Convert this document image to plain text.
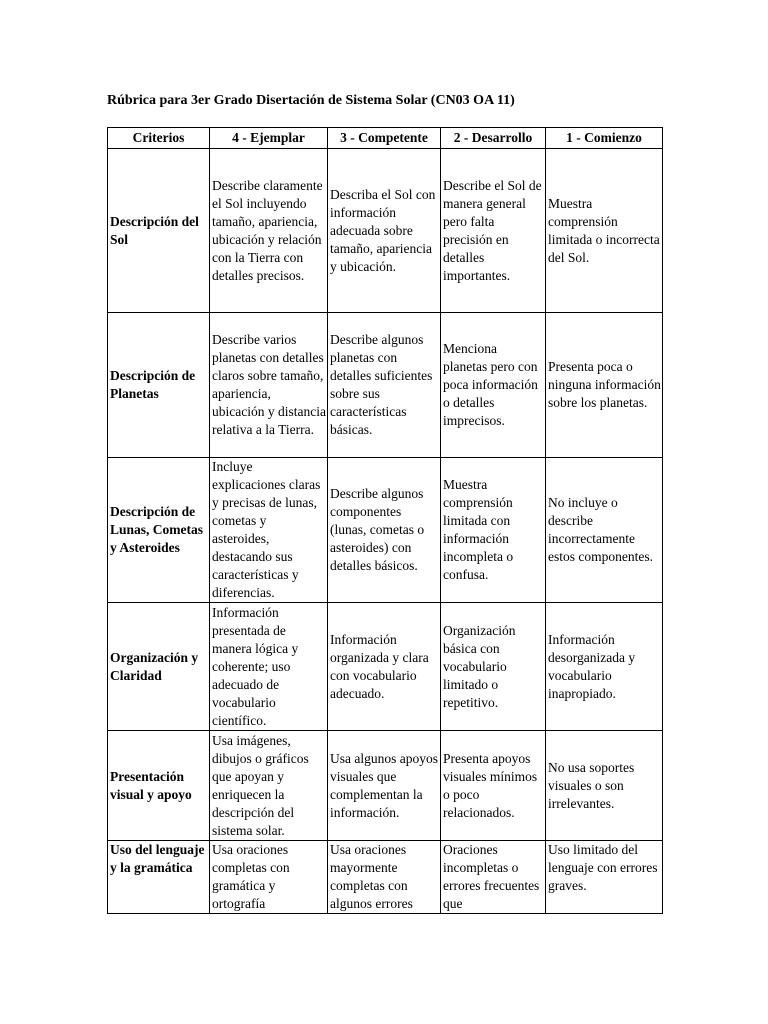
Rúbrica para 3er Grado Disertación de Sistema Solar (CN03 OA 11)
Criterios	4 - Ejemplar	3 - Competente	2 - Desarrollo	1 - Comienzo
Descripción del Sol	Describe claramente el Sol incluyendo tamaño, apariencia, ubicación y relación con la Tierra con detalles precisos.	Describa el Sol con información adecuada sobre tamaño, apariencia y ubicación.	Describe el Sol de manera general pero falta precisión en detalles importantes.	Muestra comprensión limitada o incorrecta del Sol.
Descripción de Planetas	Describe varios planetas con detalles claros sobre tamaño, apariencia, ubicación y distancia relativa a la Tierra.	Describe algunos planetas con detalles suficientes sobre sus características básicas.	Menciona planetas pero con poca información o detalles imprecisos.	Presenta poca o ninguna información sobre los planetas.
Descripción de Lunas, Cometas y Asteroides	Incluye explicaciones claras y precisas de lunas, cometas y asteroides, destacando sus características y diferencias.	Describe algunos componentes (lunas, cometas o asteroides) con detalles básicos.	Muestra comprensión limitada con información incompleta o confusa.	No incluye o describe incorrectamente estos componentes.
Organización y Claridad	Información presentada de manera lógica y coherente; uso adecuado de vocabulario científico.	Información organizada y clara con vocabulario adecuado.	Organización básica con vocabulario limitado o repetitivo.	Información desorganizada y vocabulario inapropiado.
Presentación visual y apoyo	Usa imágenes, dibujos o gráficos que apoyan y enriquecen la descripción del sistema solar.	Usa algunos apoyos visuales que complementan la información.	Presenta apoyos visuales mínimos o poco relacionados.	No usa soportes visuales o son irrelevantes.
Uso del lenguaje y la gramática	Usa oraciones completas con gramática y ortografía	Usa oraciones mayormente completas con algunos errores	Oraciones incompletas o errores frecuentes que	Uso limitado del lenguaje con errores graves.
